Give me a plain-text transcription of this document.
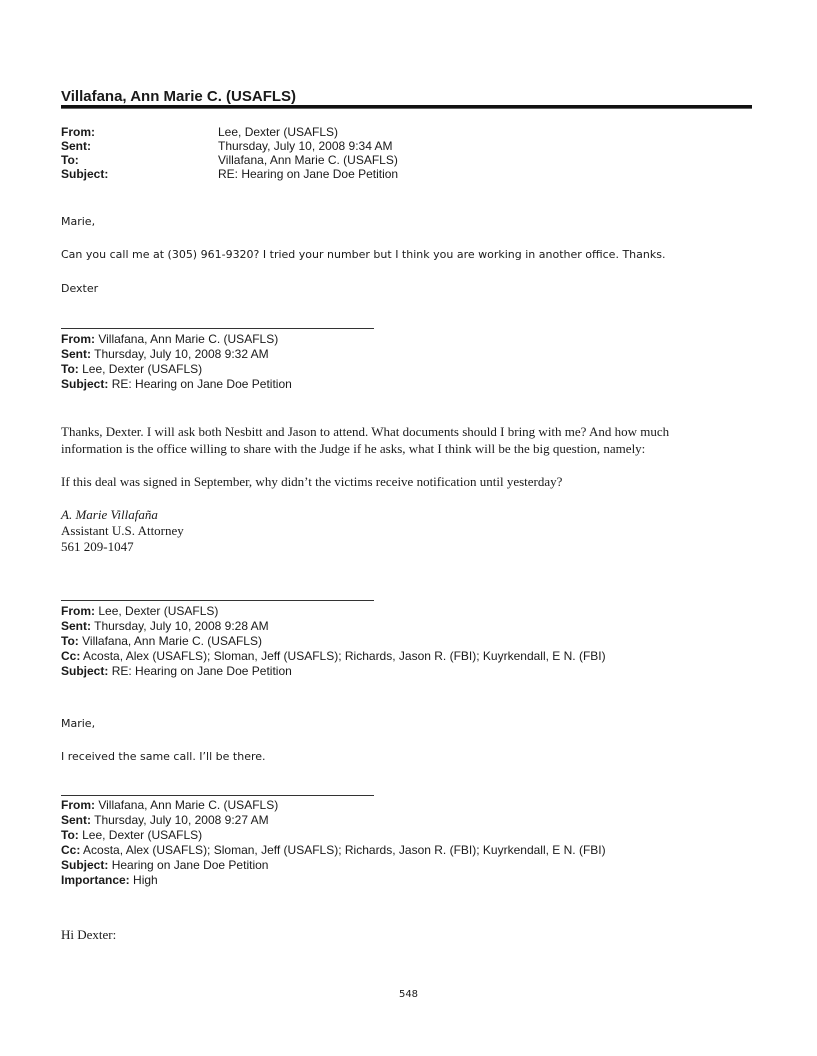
Villafana, Ann Marie C. (USAFLS)
From:	Lee, Dexter (USAFLS)
Sent:	Thursday, July 10, 2008 9:34 AM
To:	Villafana, Ann Marie C. (USAFLS)
Subject:	RE: Hearing on Jane Doe Petition
Marie,
Can you call me at (305) 961-9320? I tried your number but I think you are working in another office. Thanks.
Dexter
From: Villafana, Ann Marie C. (USAFLS)
Sent: Thursday, July 10, 2008 9:32 AM
To: Lee, Dexter (USAFLS)
Subject: RE: Hearing on Jane Doe Petition
Thanks, Dexter. I will ask both Nesbitt and Jason to attend. What documents should I bring with me? And how much
information is the office willing to share with the Judge if he asks, what I think will be the big question, namely:
If this deal was signed in September, why didn’t the victims receive notification until yesterday?
A. Marie Villafaña
Assistant U.S. Attorney
561 209-1047
From: Lee, Dexter (USAFLS)
Sent: Thursday, July 10, 2008 9:28 AM
To: Villafana, Ann Marie C. (USAFLS)
Cc: Acosta, Alex (USAFLS); Sloman, Jeff (USAFLS); Richards, Jason R. (FBI); Kuyrkendall, E N. (FBI)
Subject: RE: Hearing on Jane Doe Petition
Marie,
I received the same call. I’ll be there.
From: Villafana, Ann Marie C. (USAFLS)
Sent: Thursday, July 10, 2008 9:27 AM
To: Lee, Dexter (USAFLS)
Cc: Acosta, Alex (USAFLS); Sloman, Jeff (USAFLS); Richards, Jason R. (FBI); Kuyrkendall, E N. (FBI)
Subject: Hearing on Jane Doe Petition
Importance: High
Hi Dexter:
548
